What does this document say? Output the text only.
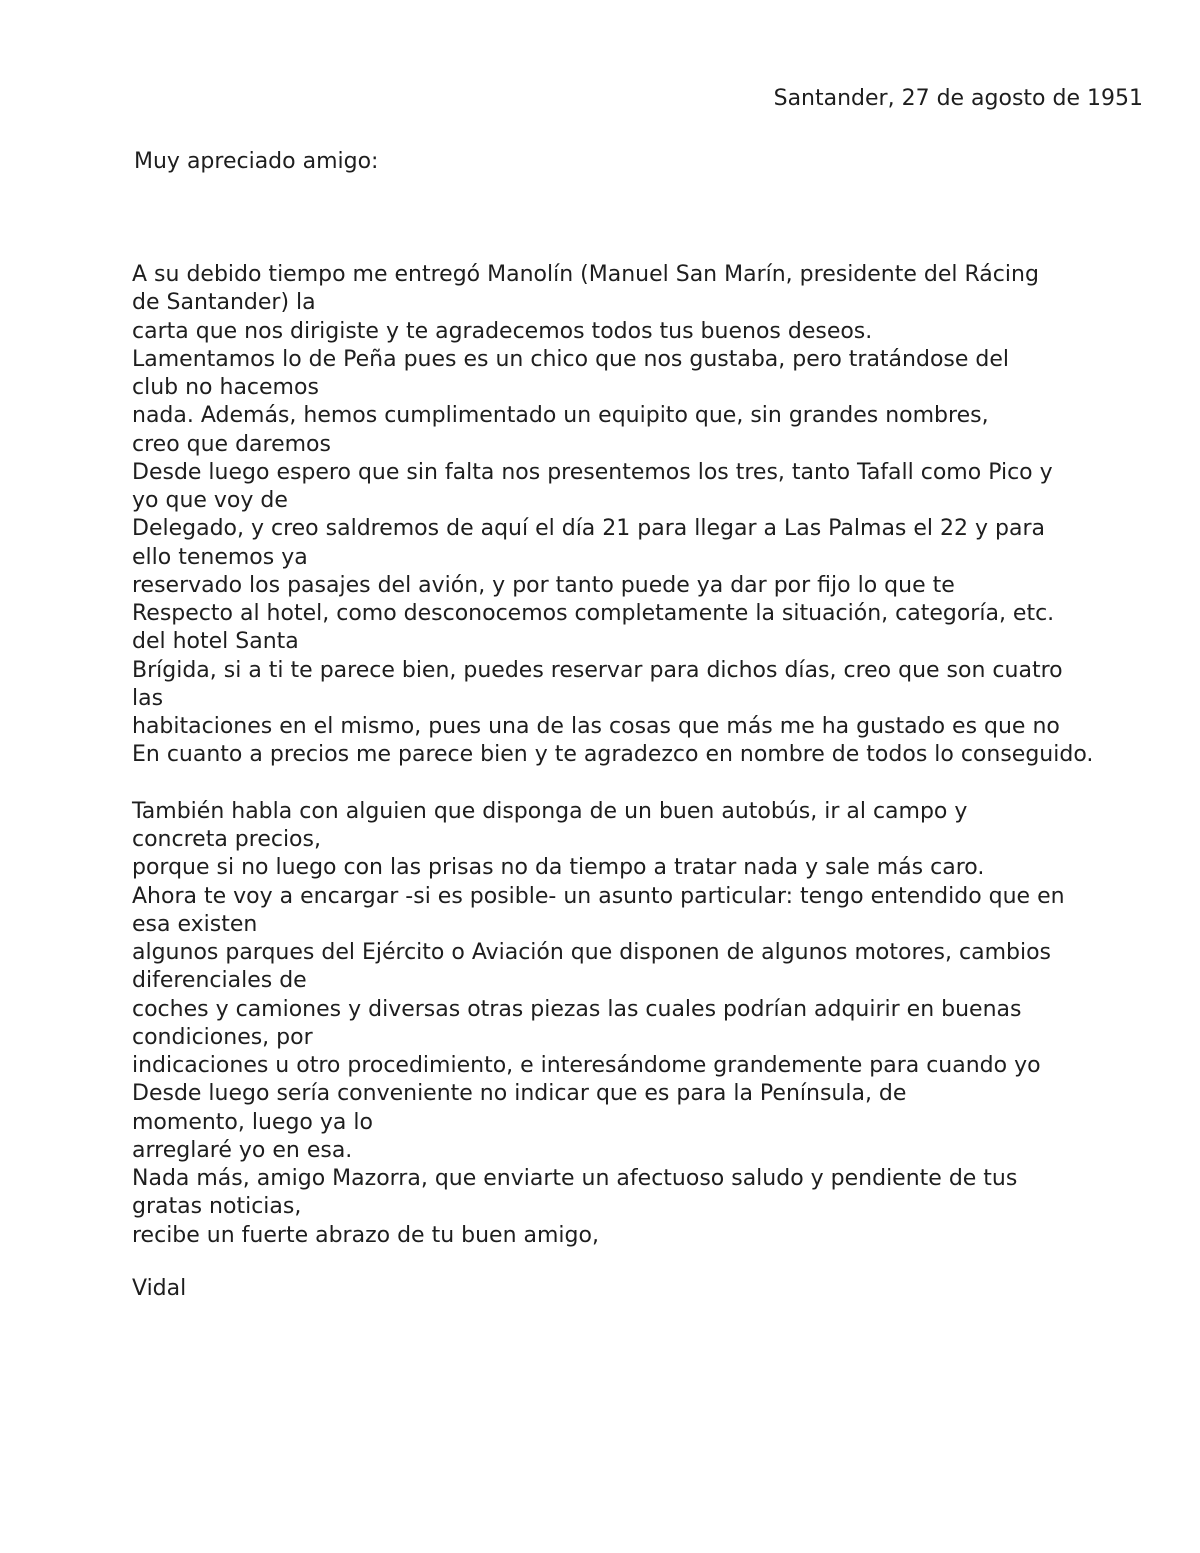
Santander, 27 de agosto de 1951
Muy apreciado amigo:
A su debido tiempo me entregó Manolín (Manuel San Marín, presidente del Rácing
de Santander) la
carta que nos dirigiste y te agradecemos todos tus buenos deseos.
Lamentamos lo de Peña pues es un chico que nos gustaba, pero tratándose del
club no hacemos
nada. Además, hemos cumplimentado un equipito que, sin grandes nombres,
creo que daremos
Desde luego espero que sin falta nos presentemos los tres, tanto Tafall como Pico y
yo que voy de
Delegado, y creo saldremos de aquí el día 21 para llegar a Las Palmas el 22 y para
ello tenemos ya
reservado los pasajes del avión, y por tanto puede ya dar por fijo lo que te
Respecto al hotel, como desconocemos completamente la situación, categoría, etc.
del hotel Santa
Brígida, si a ti te parece bien, puedes reservar para dichos días, creo que son cuatro
las
habitaciones en el mismo, pues una de las cosas que más me ha gustado es que no
En cuanto a precios me parece bien y te agradezco en nombre de todos lo conseguido.
También habla con alguien que disponga de un buen autobús, ir al campo y
concreta precios,
porque si no luego con las prisas no da tiempo a tratar nada y sale más caro.
Ahora te voy a encargar -si es posible- un asunto particular: tengo entendido que en
esa existen
algunos parques del Ejército o Aviación que disponen de algunos motores, cambios
diferenciales de
coches y camiones y diversas otras piezas las cuales podrían adquirir en buenas
condiciones, por
indicaciones u otro procedimiento, e interesándome grandemente para cuando yo
Desde luego sería conveniente no indicar que es para la Península, de
momento, luego ya lo
arreglaré yo en esa.
Nada más, amigo Mazorra, que enviarte un afectuoso saludo y pendiente de tus
gratas noticias,
recibe un fuerte abrazo de tu buen amigo,
Vidal
